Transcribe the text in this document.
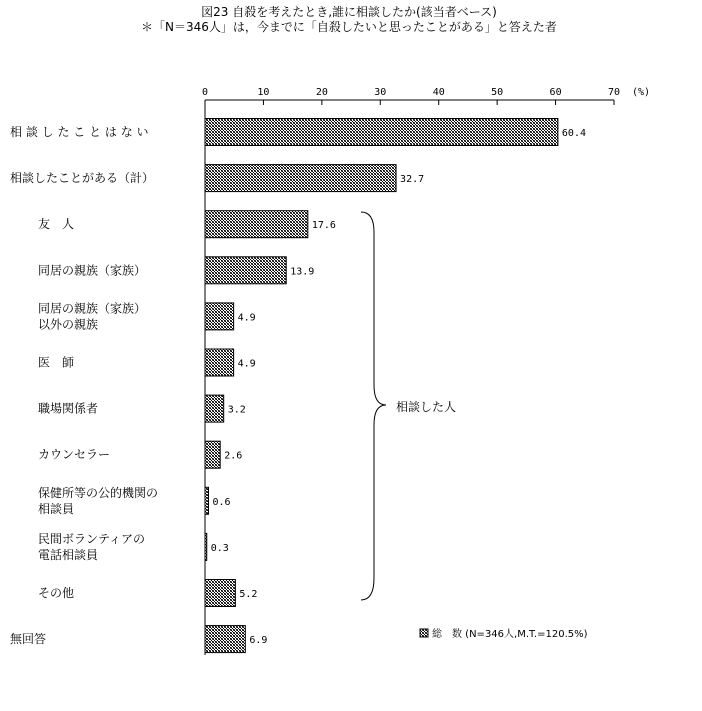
図23 自殺を考えたとき,誰に相談したか(該当者ベース)
＊「N＝346人」は，今までに「自殺したいと思ったことがある」と答えた者
0	10	20	30	40	50	60	70 (%)
60.4
32.7
17.6
13.9
4.9
4.9
3.2
2.6
0.6
0.3
5.2
6.9
相 談 し た こ と は な い
相談したことがある（計）
友　人
同居の親族（家族）
同居の親族（家族）
以外の親族
医　師
職場関係者
カウンセラー
保健所等の公的機関の
相談員
民間ボランティアの
電話相談員
その他
無回答
相談した人
総　数 (N=346人,M.T.=120.5%)
